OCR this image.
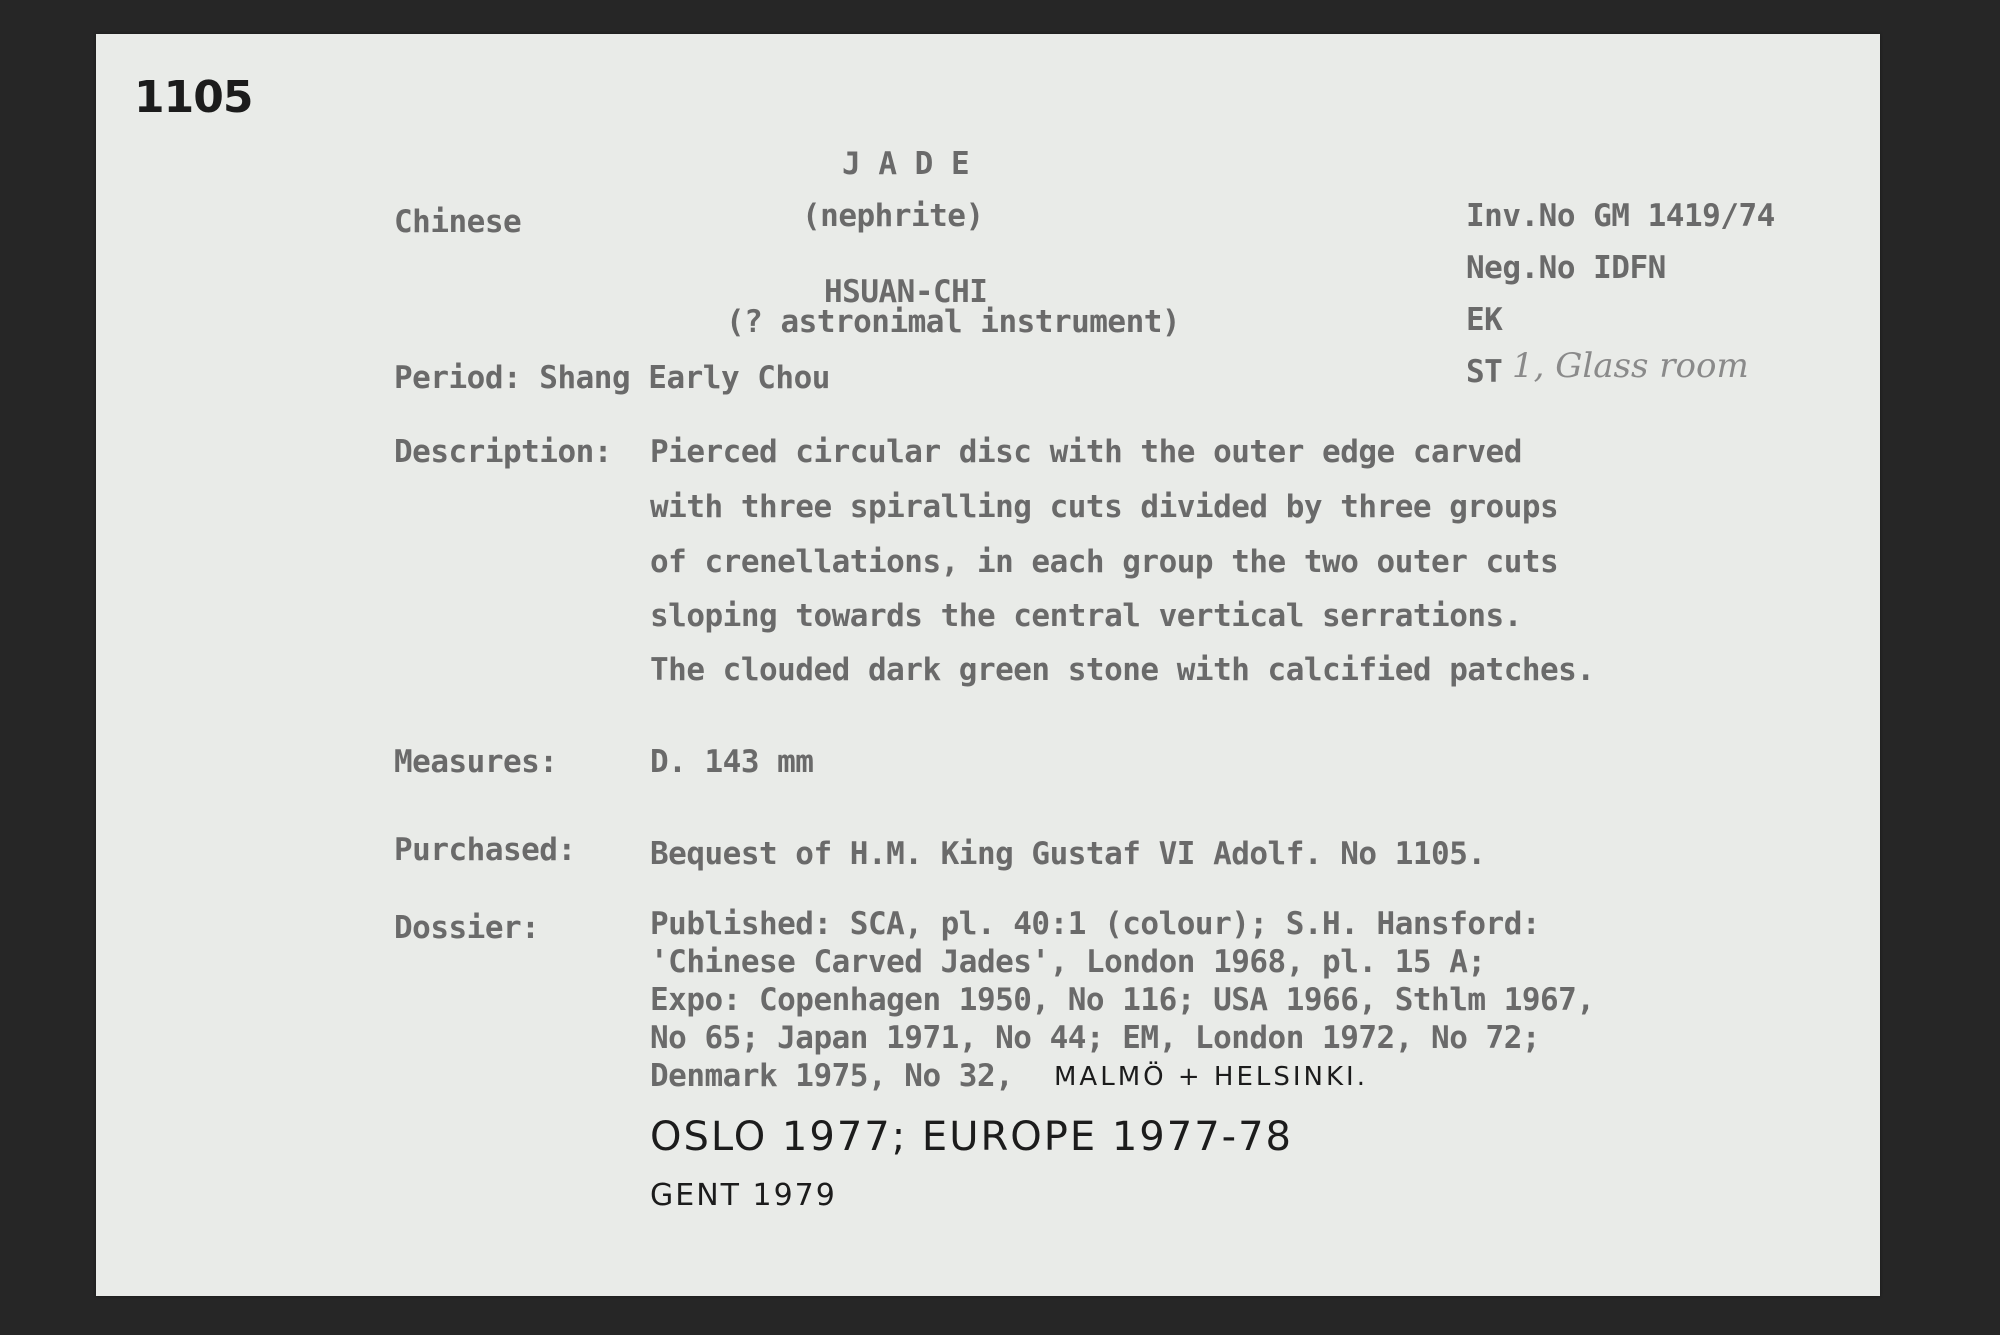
1105
J A D E
Chinese	(nephrite)	Inv.No GM 1419/74
Neg.No IDFN
HSUAN-CHI
EK
(? astronimal instrument)
Period: Shang Early Chou	ST 1, Glass room
Description: Pierced circular disc with the outer edge carved
with three spiralling cuts divided by three groups
of crenellations, in each group the two outer cuts
sloping towards the central vertical serrations.
The clouded dark green stone with calcified patches.
Measures:	D. 143 mm
Purchased: Bequest of H.M. King Gustaf VI Adolf. No 1105.
Dossier:	Published: SCA, pl. 40:1 (colour); S.H. Hansford:
'Chinese Carved Jades', London 1968, pl. 15 A;
Expo: Copenhagen 1950, No 116; USA 1966, Sthlm 1967,
No 65; Japan 1971, No 44; EM, London 1972, No 72;
Denmark 1975, No 32, MALMÖ + HELSINKI.
OSLO 1977; EUROPE 1977-78
GENT 1979
